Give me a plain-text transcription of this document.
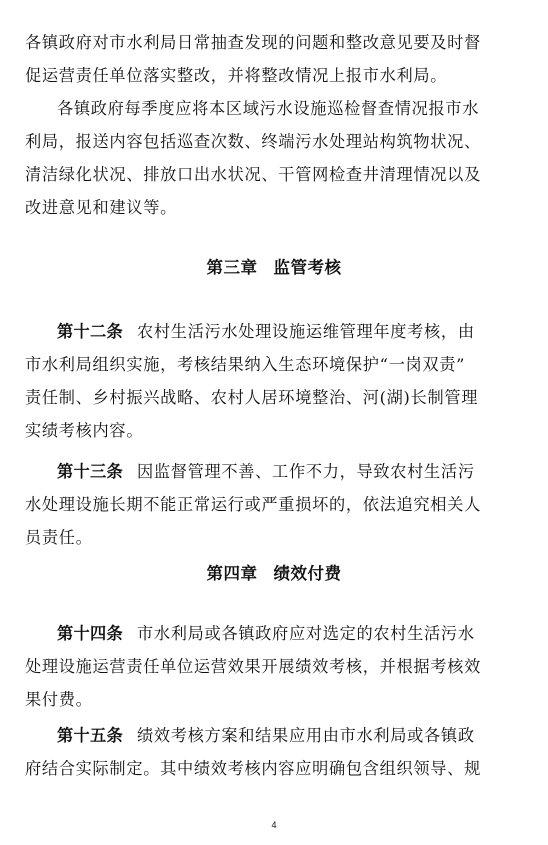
各镇政府对市水利局日常抽查发现的问题和整改意见要及时督
促运营责任单位落实整改，并将整改情况上报市水利局。
各镇政府每季度应将本区域污水设施巡检督查情况报市水
利局，报送内容包括巡查次数、终端污水处理站构筑物状况、
清洁绿化状况、排放口出水状况、干管网检查井清理情况以及
改进意见和建议等。
第三章 监管考核
第十二条 农村生活污水处理设施运维管理年度考核，由
市水利局组织实施，考核结果纳入生态环境保护“一岗双责”
责任制、乡村振兴战略、农村人居环境整治、河(湖)长制管理
实绩考核内容。
第十三条 因监督管理不善、工作不力，导致农村生活污
水处理设施长期不能正常运行或严重损坏的，依法追究相关人
员责任。
第四章 绩效付费
第十四条 市水利局或各镇政府应对选定的农村生活污水
处理设施运营责任单位运营效果开展绩效考核，并根据考核效
果付费。
第十五条 绩效考核方案和结果应用由市水利局或各镇政
府结合实际制定。其中绩效考核内容应明确包含组织领导、规
4
